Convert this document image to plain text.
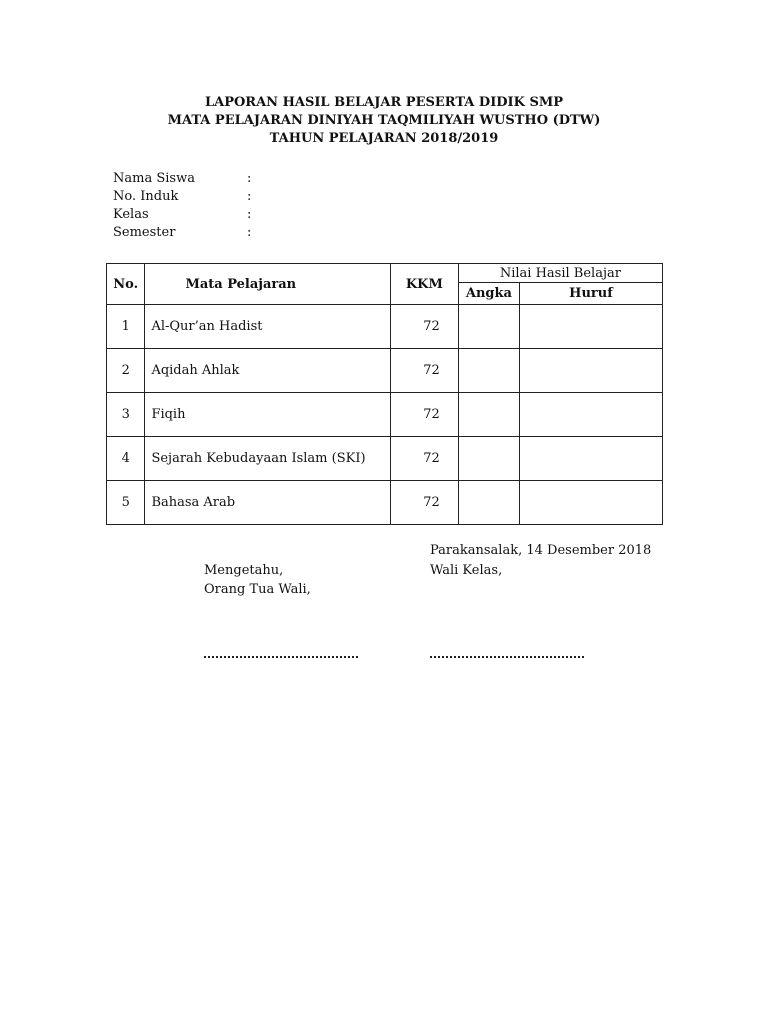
LAPORAN HASIL BELAJAR PESERTA DIDIK SMP
MATA PELAJARAN DINIYAH TAQMILIYAH WUSTHO (DTW)
TAHUN PELAJARAN 2018/2019
Nama Siswa	:
No. Induk	:
Kelas	:
Semester	:
No.	Mata Pelajaran	KKM	Nilai Hasil Belajar	
			Angka	Huruf
1	Al-Qur’an Hadist	72		
2	Aqidah Ahlak	72		
3	Fiqih	72		
4	Sejarah Kebudayaan Islam (SKI)	72		
5	Bahasa Arab	72		
Parakansalak, 14 Desember 2018
Mengetahu,	Wali Kelas,
Orang Tua Wali,
